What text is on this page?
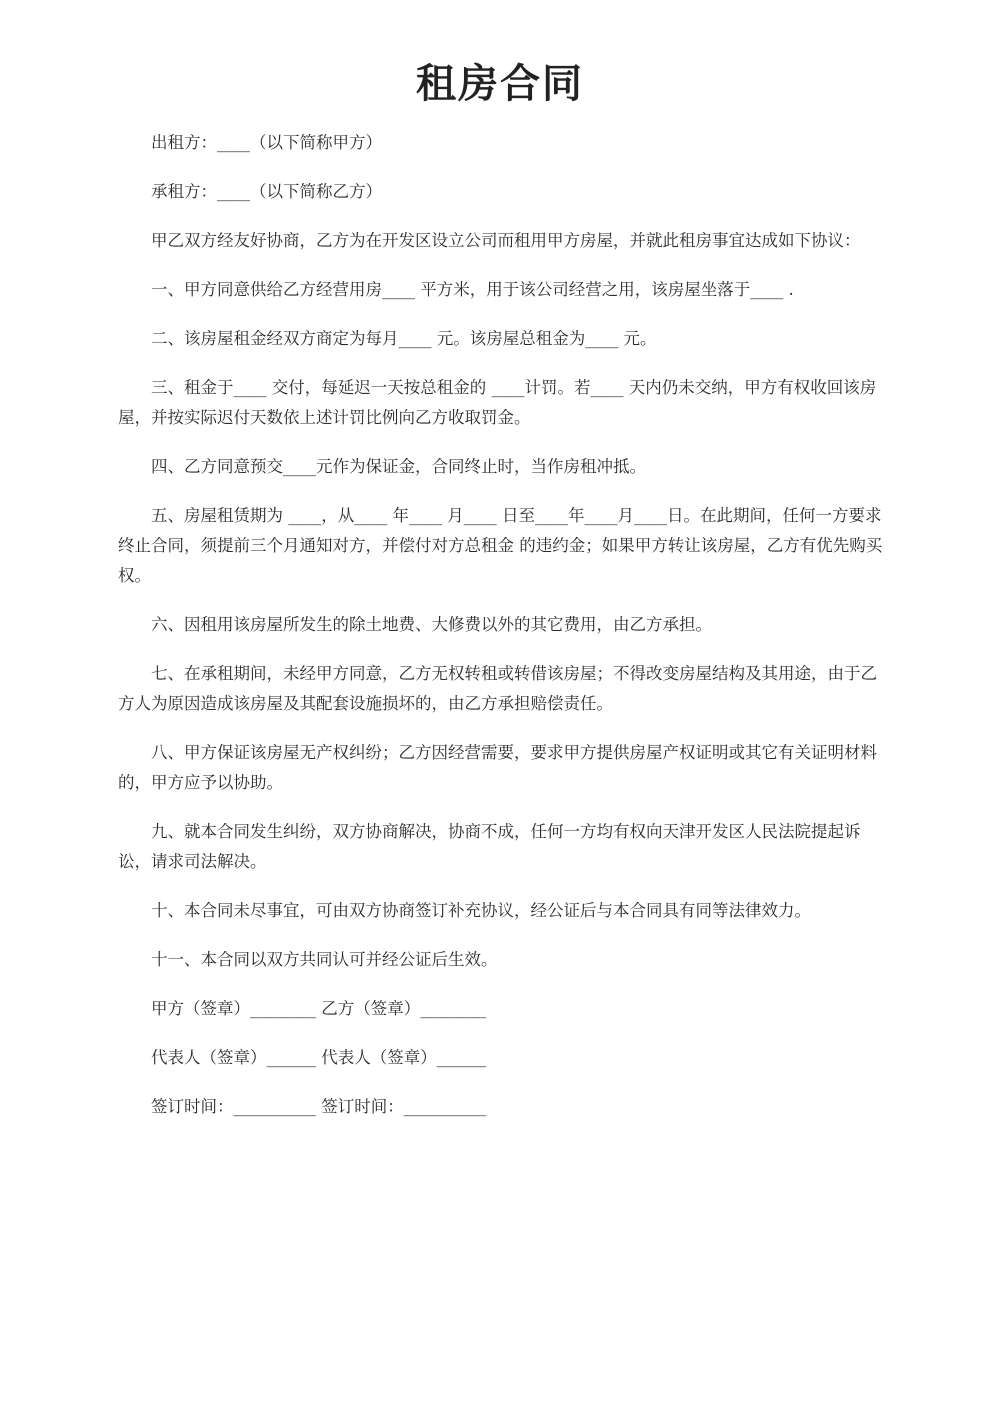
租房合同

出租方：____（以下简称甲方）

承租方：____（以下简称乙方）

甲乙双方经友好协商，乙方为在开发区设立公司而租用甲方房屋，并就此租房事宜达成如下协议：

一、甲方同意供给乙方经营用房____ 平方米，用于该公司经营之用，该房屋坐落于____ .

二、该房屋租金经双方商定为每月____ 元。该房屋总租金为____ 元。

三、租金于____ 交付，每延迟一天按总租金的 ____计罚。若____ 天内仍未交纳，甲方有权收回该房屋，并按实际迟付天数依上述计罚比例向乙方收取罚金。

四、乙方同意预交____元作为保证金，合同终止时，当作房租冲抵。

五、房屋租赁期为 ____，从____ 年____ 月____ 日至____年____月____日。在此期间，任何一方要求终止合同，须提前三个月通知对方，并偿付对方总租金 的违约金；如果甲方转让该房屋，乙方有优先购买权。

六、因租用该房屋所发生的除土地费、大修费以外的其它费用，由乙方承担。

七、在承租期间，未经甲方同意，乙方无权转租或转借该房屋；不得改变房屋结构及其用途，由于乙方人为原因造成该房屋及其配套设施损坏的，由乙方承担赔偿责任。

八、甲方保证该房屋无产权纠纷；乙方因经营需要，要求甲方提供房屋产权证明或其它有关证明材料的，甲方应予以协助。

九、就本合同发生纠纷，双方协商解决，协商不成，任何一方均有权向天津开发区人民法院提起诉讼，请求司法解决。

十、本合同未尽事宜，可由双方协商签订补充协议，经公证后与本合同具有同等法律效力。

十一、本合同以双方共同认可并经公证后生效。

甲方（签章）________ 乙方（签章）________
代表人（签章）______ 代表人（签章）______
签订时间：__________ 签订时间：__________
